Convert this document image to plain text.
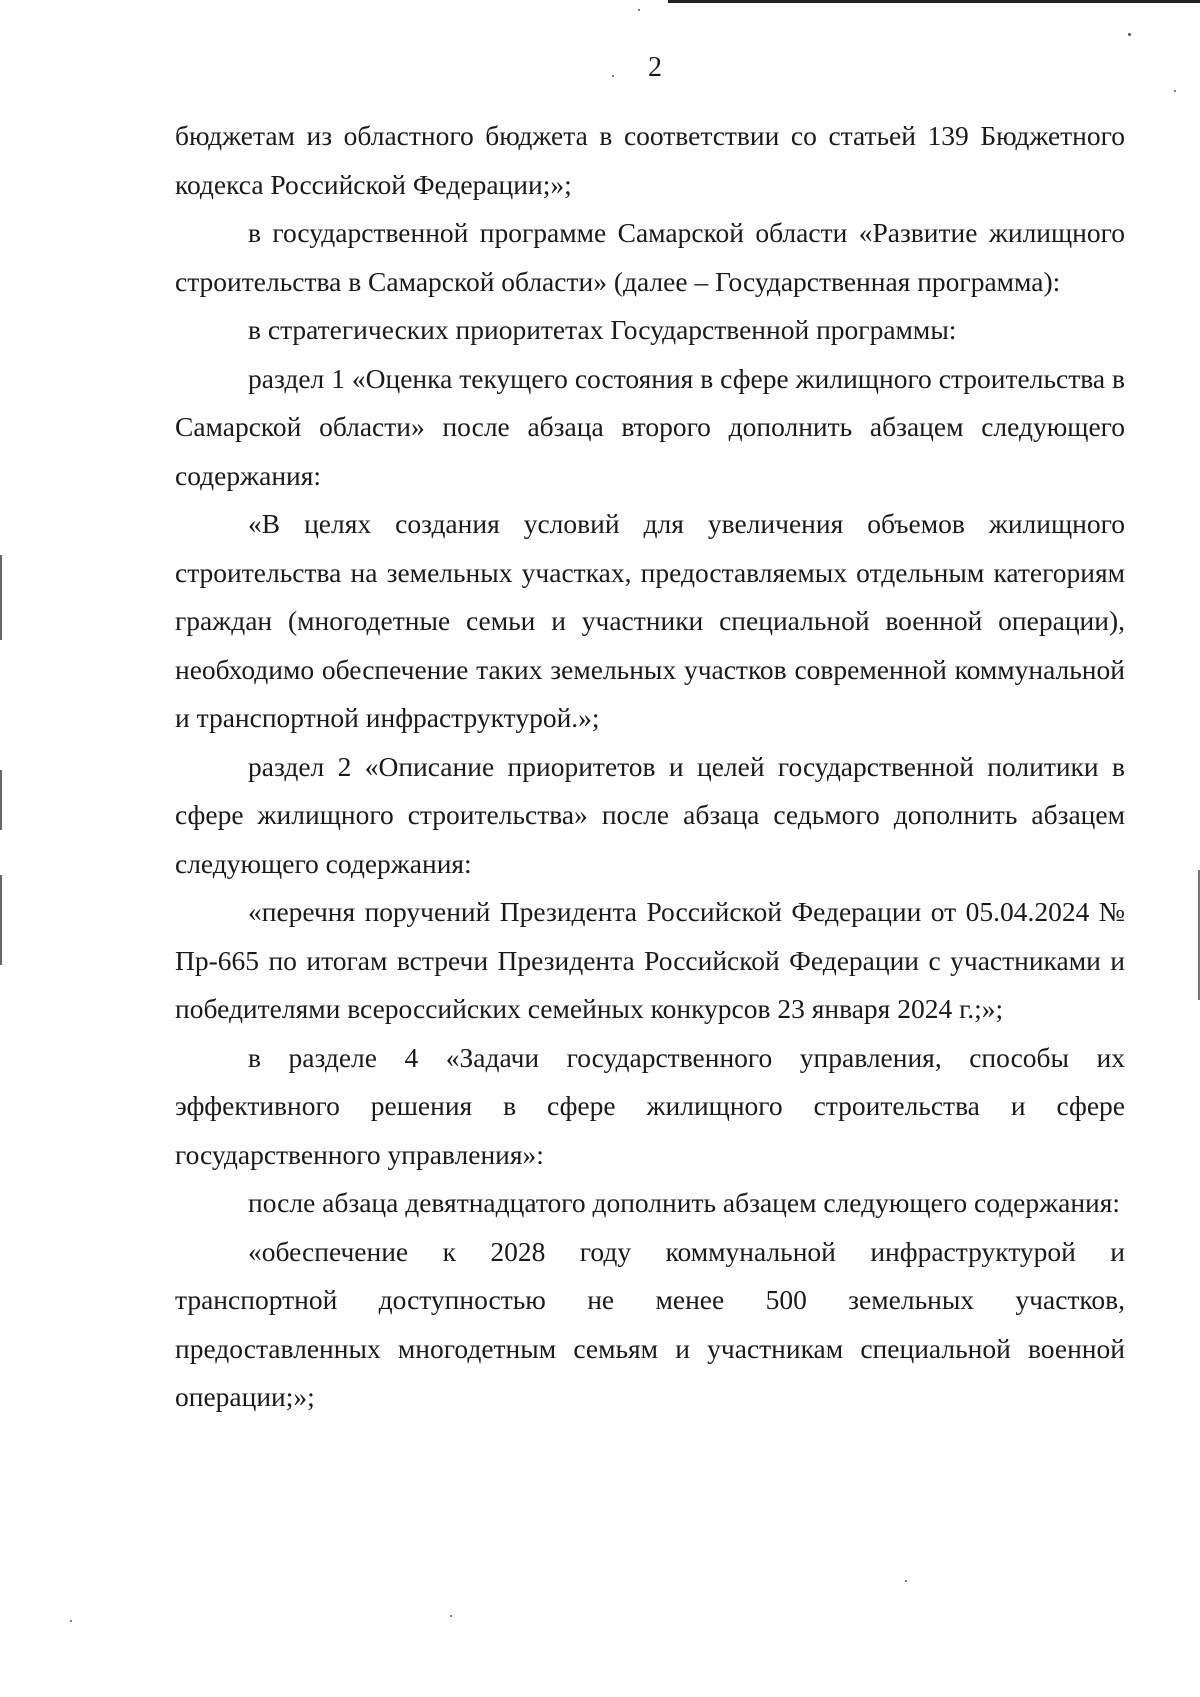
2

бюджетам из областного бюджета в соответствии со статьей 139 Бюджетного кодекса Российской Федерации;»;

в государственной программе Самарской области «Развитие жилищного строительства в Самарской области» (далее – Государственная программа):

в стратегических приоритетах Государственной программы:

раздел 1 «Оценка текущего состояния в сфере жилищного строительства в Самарской области» после абзаца второго дополнить абзацем следующего содержания:

«В целях создания условий для увеличения объемов жилищного строительства на земельных участках, предоставляемых отдельным категориям граждан (многодетные семьи и участники специальной военной операции), необходимо обеспечение таких земельных участков современной коммунальной и транспортной инфраструктурой.»;

раздел 2 «Описание приоритетов и целей государственной политики в сфере жилищного строительства» после абзаца седьмого дополнить абзацем следующего содержания:

«перечня поручений Президента Российской Федерации от 05.04.2024 № Пр-665 по итогам встречи Президента Российской Федерации с участниками и победителями всероссийских семейных конкурсов 23 января 2024 г.;»;

в разделе 4 «Задачи государственного управления, способы их эффективного решения в сфере жилищного строительства и сфере государственного управления»:

после абзаца девятнадцатого дополнить абзацем следующего содержания:

«обеспечение к 2028 году коммунальной инфраструктурой и транспортной доступностью не менее 500 земельных участков, предоставленных многодетным семьям и участникам специальной военной операции;»;
